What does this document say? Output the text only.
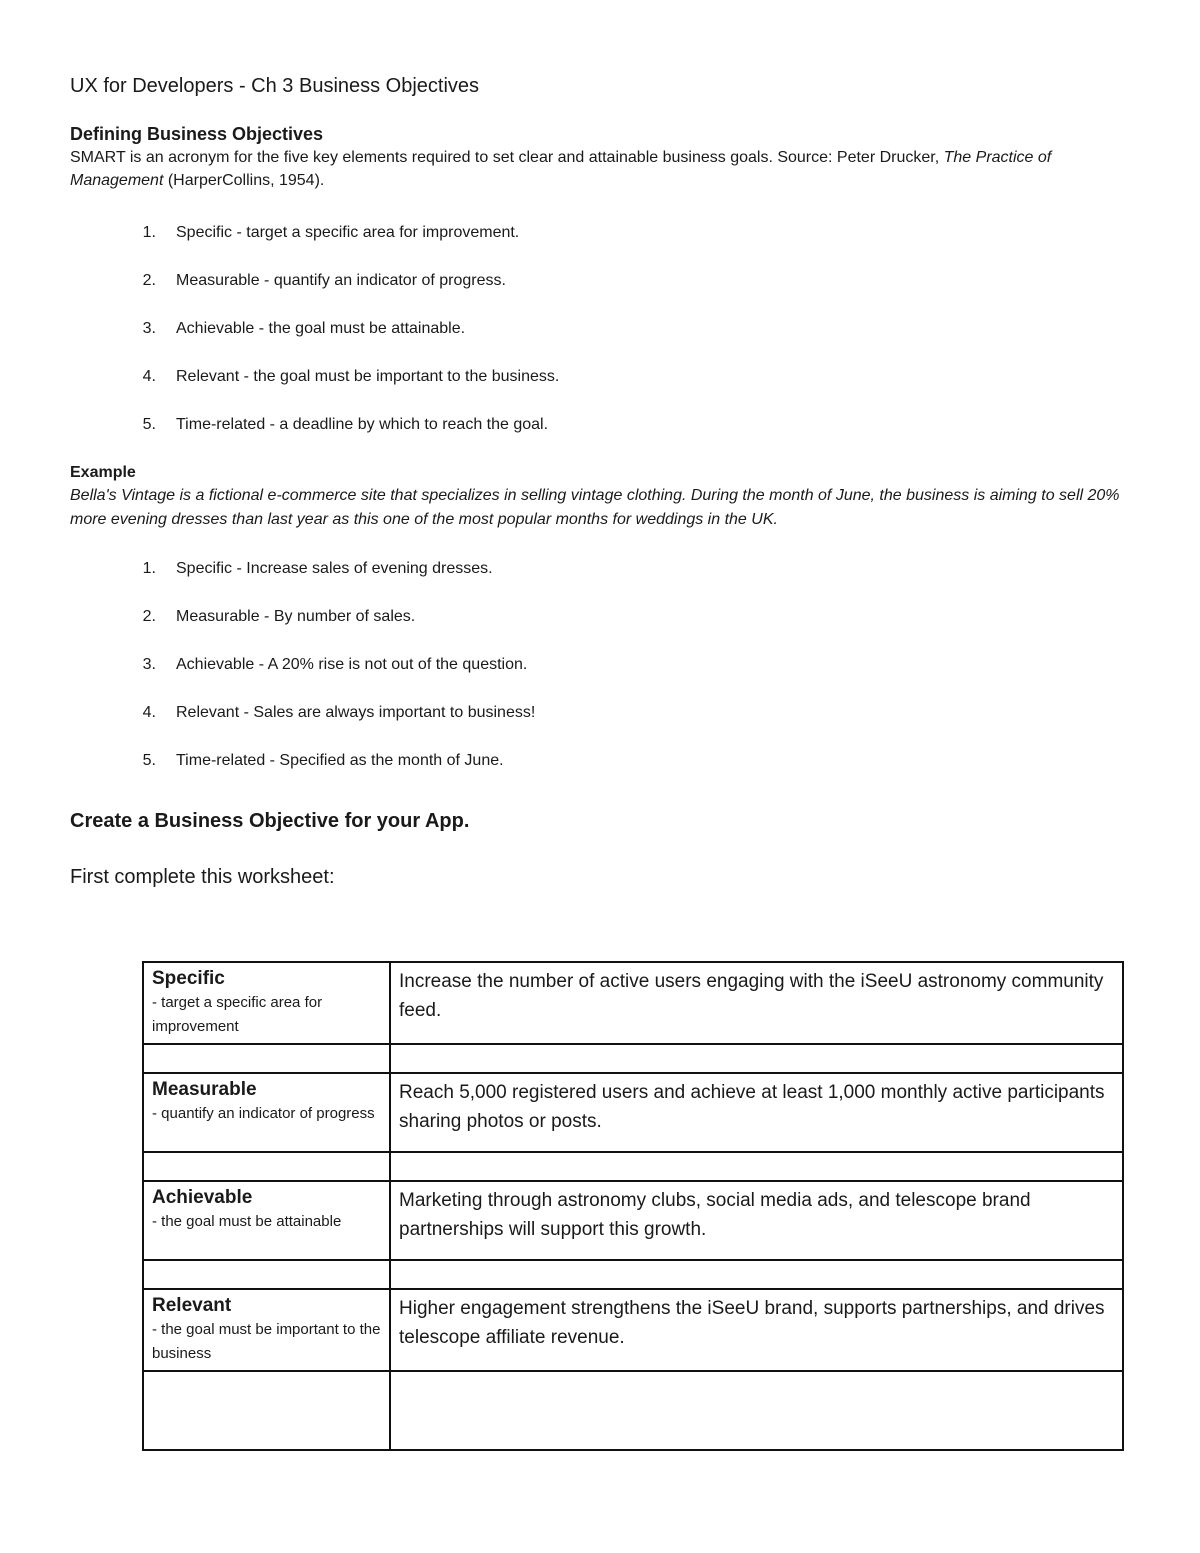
UX for Developers - Ch 3 Business Objectives
Defining Business Objectives

SMART is an acronym for the five key elements required to set clear and attainable business goals. Source: Peter Drucker, The Practice of Management (HarperCollins, 1954).

1.	Specific - target a specific area for improvement.
2.	Measurable - quantify an indicator of progress.
3.	Achievable - the goal must be attainable.
4.	Relevant - the goal must be important to the business.
5.	Time-related - a deadline by which to reach the goal.
Example

Bella's Vintage is a fictional e-commerce site that specializes in selling vintage clothing. During the month of June, the business is aiming to sell 20% more evening dresses than last year as this one of the most popular months for weddings in the UK.

1.	Specific - Increase sales of evening dresses.
2.	Measurable - By number of sales.
3.	Achievable - A 20% rise is not out of the question.
4.	Relevant - Sales are always important to business!
5.	Time-related - Specified as the month of June.
Create a Business Objective for your App.

First complete this worksheet:

Specific
- target a specific area for improvement	Increase the number of active users engaging with the iSeeU astronomy community feed.

Measurable
- quantify an indicator of progress	Reach 5,000 registered users and achieve at least 1,000 monthly active participants sharing photos or posts.

Achievable
- the goal must be attainable	Marketing through astronomy clubs, social media ads, and telescope brand partnerships will support this growth.

Relevant
- the goal must be important to the business	Higher engagement strengthens the iSeeU brand, supports partnerships, and drives telescope affiliate revenue.
